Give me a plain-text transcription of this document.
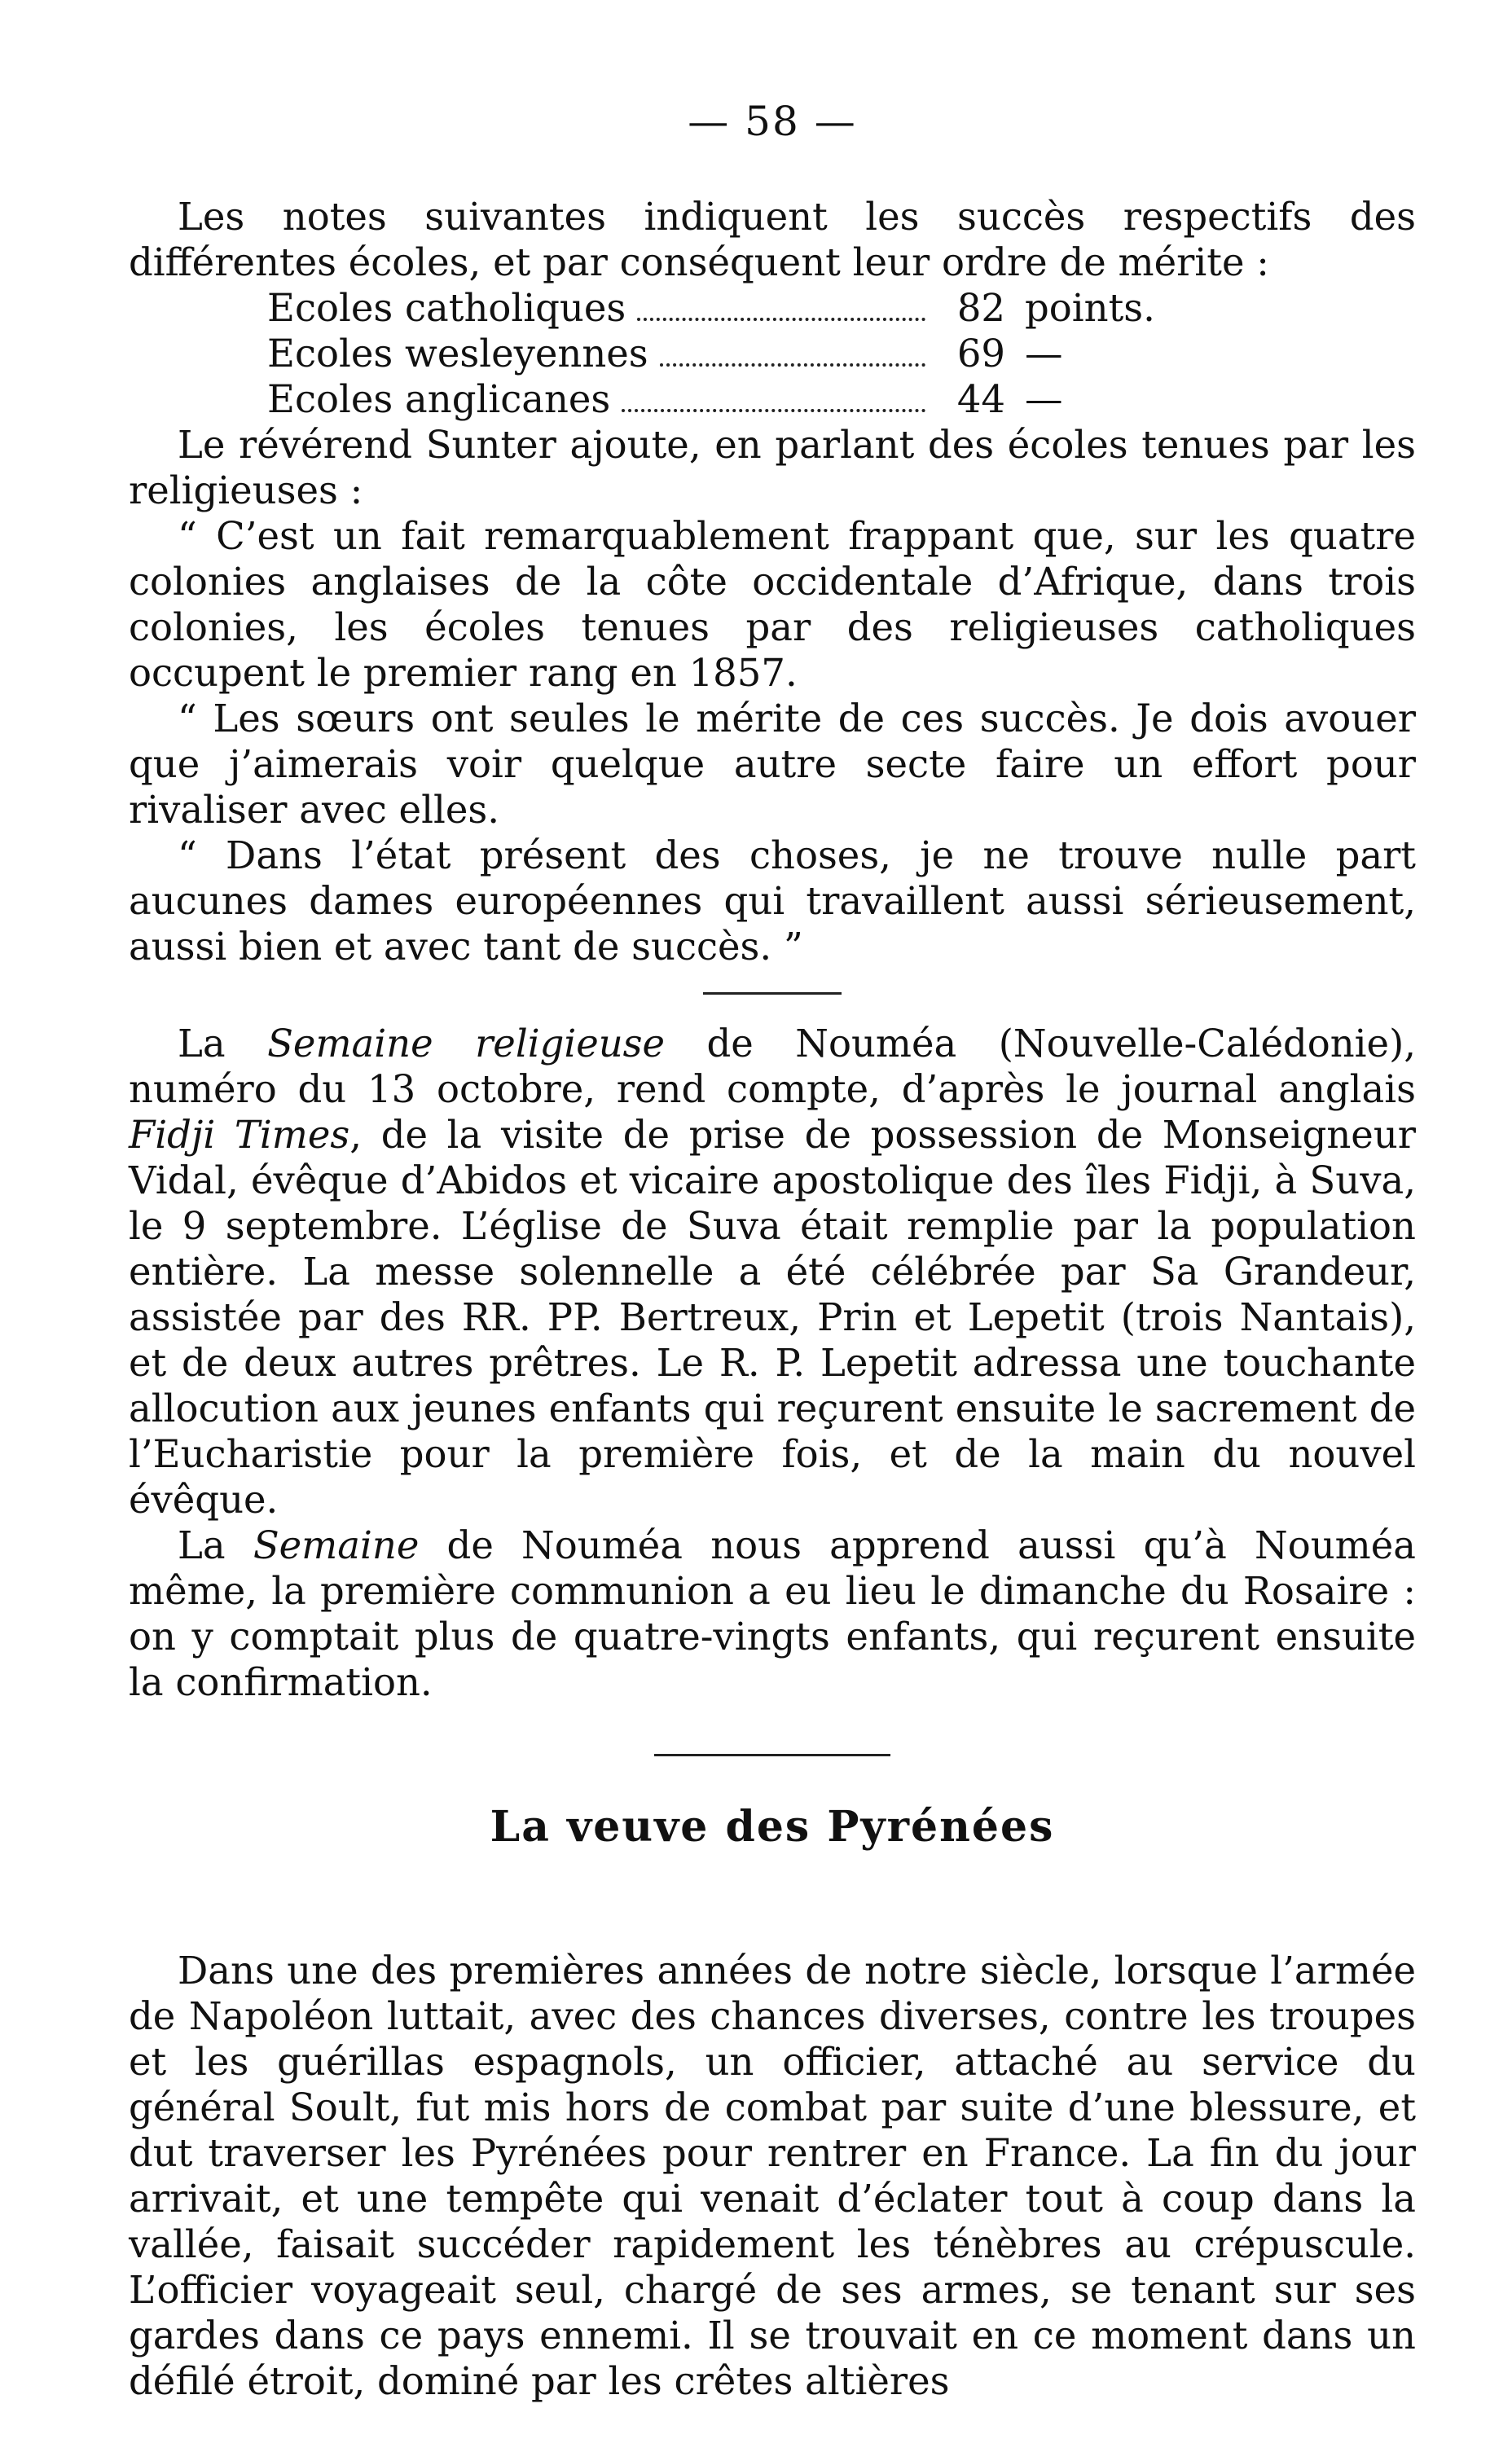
— 58 —

Les notes suivantes indiquent les succès respectifs des différentes écoles, et par conséquent leur ordre de mérite :

Ecoles catholiques	82 points.
Ecoles wesleyennes	69 —
Ecoles anglicanes	44 —

Le révérend Sunter ajoute, en parlant des écoles tenues par les religieuses :

“ C’est un fait remarquablement frappant que, sur les quatre colonies anglaises de la côte occidentale d’Afrique, dans trois colonies, les écoles tenues par des religieuses catholiques occupent le premier rang en 1857.

“ Les sœurs ont seules le mérite de ces succès. Je dois avouer que j’aimerais voir quelque autre secte faire un effort pour rivaliser avec elles.

“ Dans l’état présent des choses, je ne trouve nulle part aucunes dames européennes qui travaillent aussi sérieusement, aussi bien et avec tant de succès. ”

La Semaine religieuse de Nouméa (Nouvelle-Calédonie), numéro du 13 octobre, rend compte, d’après le journal anglais Fidji Times, de la visite de prise de possession de Monseigneur Vidal, évêque d’Abidos et vicaire apostolique des îles Fidji, à Suva, le 9 septembre. L’église de Suva était remplie par la population entière. La messe solennelle a été célébrée par Sa Grandeur, assistée par des RR. PP. Bertreux, Prin et Lepetit (trois Nantais), et de deux autres prêtres. Le R. P. Lepetit adressa une touchante allocution aux jeunes enfants qui reçurent ensuite le sacrement de l’Eucharistie pour la première fois, et de la main du nouvel évêque.

La Semaine de Nouméa nous apprend aussi qu’à Nouméa même, la première communion a eu lieu le dimanche du Rosaire : on y comptait plus de quatre-vingts enfants, qui reçurent ensuite la confirmation.

La veuve des Pyrénées

Dans une des premières années de notre siècle, lorsque l’armée de Napoléon luttait, avec des chances diverses, contre les troupes et les guérillas espagnols, un officier, attaché au service du général Soult, fut mis hors de combat par suite d’une blessure, et dut traverser les Pyrénées pour rentrer en France. La fin du jour arrivait, et une tempête qui venait d’éclater tout à coup dans la vallée, faisait succéder rapidement les ténèbres au crépuscule. L’officier voyageait seul, chargé de ses armes, se tenant sur ses gardes dans ce pays ennemi. Il se trouvait en ce moment dans un défilé étroit, dominé par les crêtes altières
